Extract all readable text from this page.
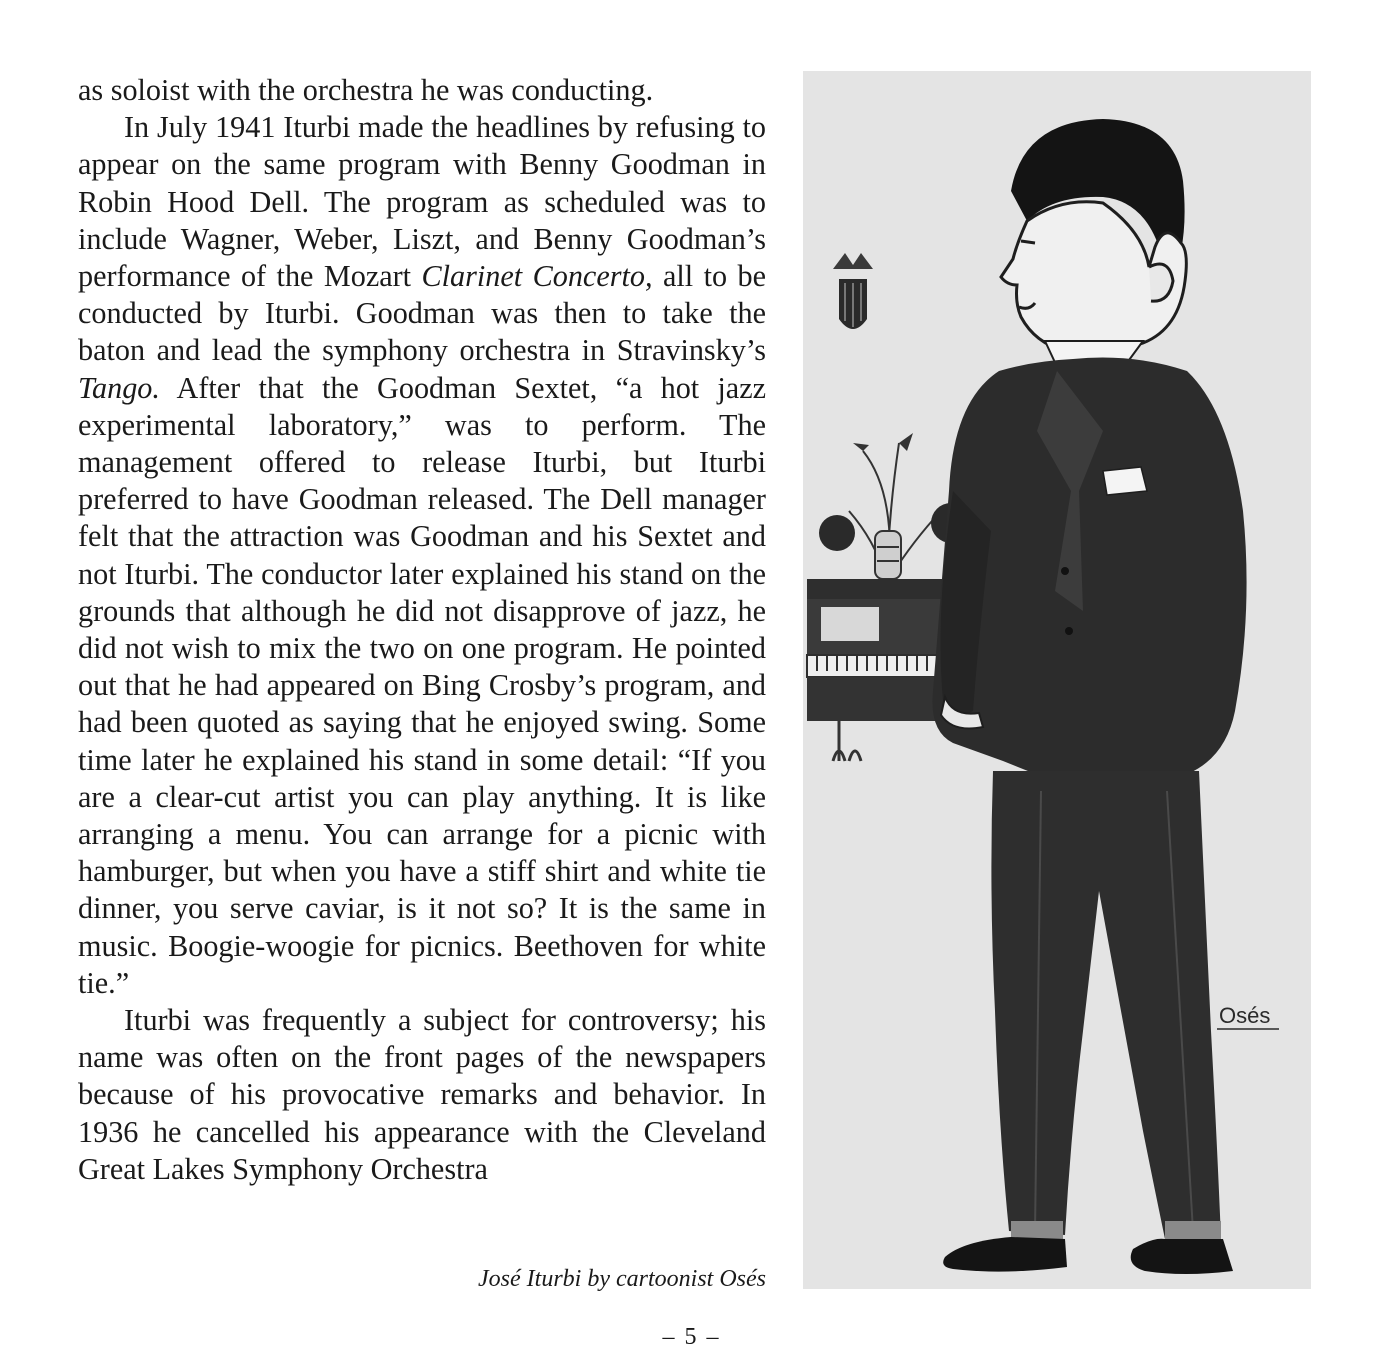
as soloist with the orchestra he was conducting.

In July 1941 Iturbi made the headlines by refusing to appear on the same program with Benny Goodman in Robin Hood Dell. The program as scheduled was to include Wagner, Weber, Liszt, and Benny Goodman’s performance of the Mozart Clarinet Concerto, all to be conducted by Iturbi. Goodman was then to take the baton and lead the symphony orchestra in Stravinsky’s Tango. After that the Goodman Sextet, “a hot jazz experimental laboratory,” was to perform. The management offered to release Iturbi, but Iturbi preferred to have Goodman released. The Dell manager felt that the attraction was Goodman and his Sextet and not Iturbi. The conductor later explained his stand on the grounds that although he did not disapprove of jazz, he did not wish to mix the two on one program. He pointed out that he had appeared on Bing Crosby’s program, and had been quoted as saying that he enjoyed swing. Some time later he explained his stand in some detail: “If you are a clear-cut artist you can play anything. It is like arranging a menu. You can arrange for a picnic with hamburger, but when you have a stiff shirt and white tie dinner, you serve caviar, is it not so? It is the same in music. Boogie-woogie for picnics. Beethoven for white tie.”

Iturbi was frequently a subject for controversy; his name was often on the front pages of the newspapers because of his provocative remarks and behavior. In 1936 he cancelled his appearance with the Cleveland Great Lakes Symphony Orchestra

José Iturbi by cartoonist Osés
– 5 –
Osés
